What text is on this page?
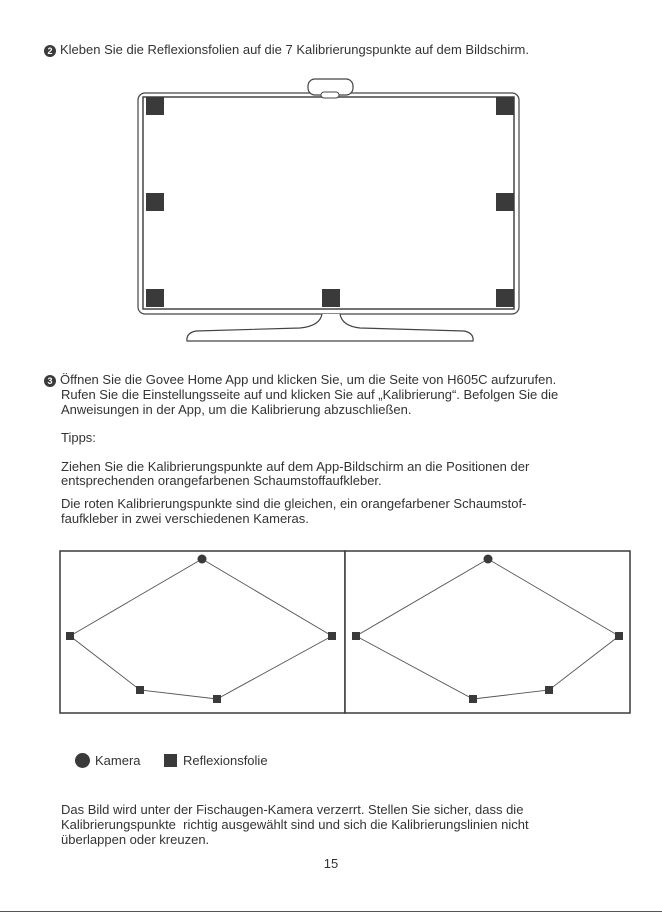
2 Kleben Sie die Reflexionsfolien auf die 7 Kalibrierungspunkte auf dem Bildschirm.
3 Öffnen Sie die Govee Home App und klicken Sie, um die Seite von H605C aufzurufen.
Rufen Sie die Einstellungsseite auf und klicken Sie auf „Kalibrierung“. Befolgen Sie die
Anweisungen in der App, um die Kalibrierung abzuschließen.
Tipps:
Ziehen Sie die Kalibrierungspunkte auf dem App-Bildschirm an die Positionen der
entsprechenden orangefarbenen Schaumstoffaufkleber.
Die roten Kalibrierungspunkte sind die gleichen, ein orangefarbener Schaumstof-
faufkleber in zwei verschiedenen Kameras.
Kamera	Reflexionsfolie
Das Bild wird unter der Fischaugen-Kamera verzerrt. Stellen Sie sicher, dass die
Kalibrierungspunkte  richtig ausgewählt sind und sich die Kalibrierungslinien nicht
überlappen oder kreuzen.
15
